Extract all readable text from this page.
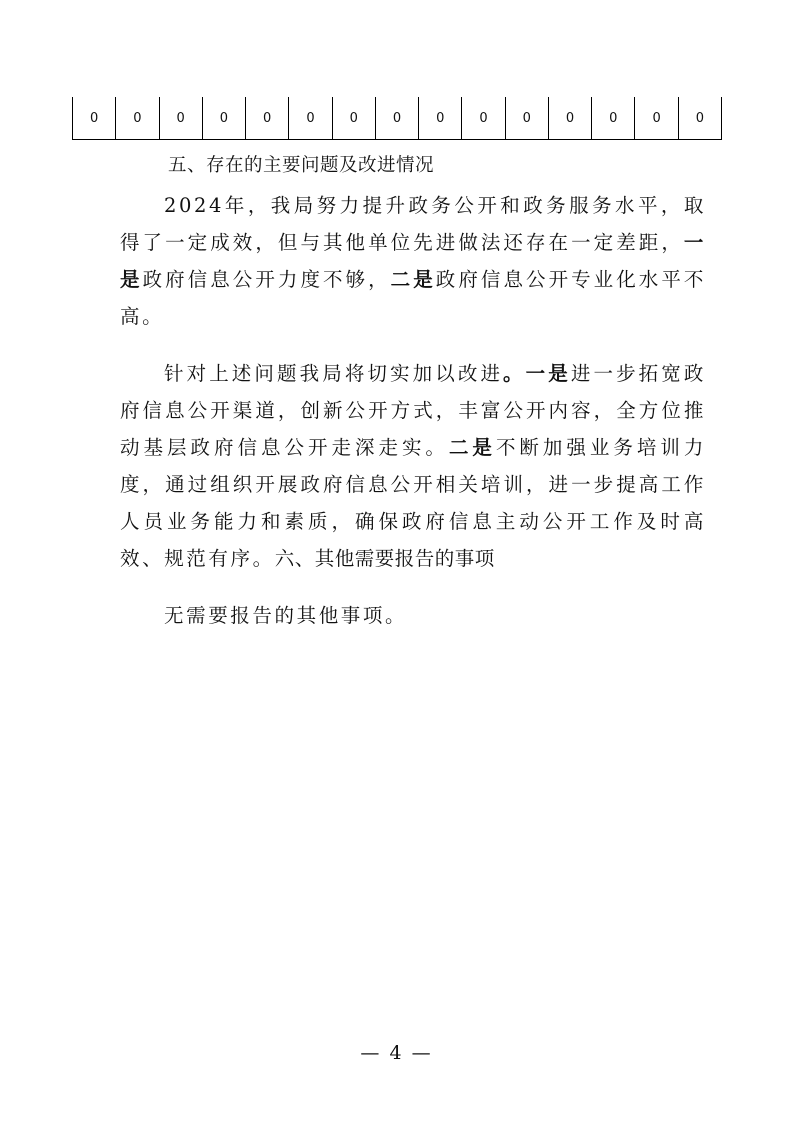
0	0	0	0	0	0	0	0	0	0	0	0	0	0	0
五、存在的主要问题及改进情况

2024年，我局努力提升政务公开和政务服务水平，取得了一定成效，但与其他单位先进做法还存在一定差距，一是政府信息公开力度不够，二是政府信息公开专业化水平不高。

针对上述问题我局将切实加以改进。一是进一步拓宽政府信息公开渠道，创新公开方式，丰富公开内容，全方位推动基层政府信息公开走深走实。二是不断加强业务培训力度，通过组织开展政府信息公开相关培训，进一步提高工作人员业务能力和素质，确保政府信息主动公开工作及时高效、规范有序。六、其他需要报告的事项

无需要报告的其他事项。

— 4 —
